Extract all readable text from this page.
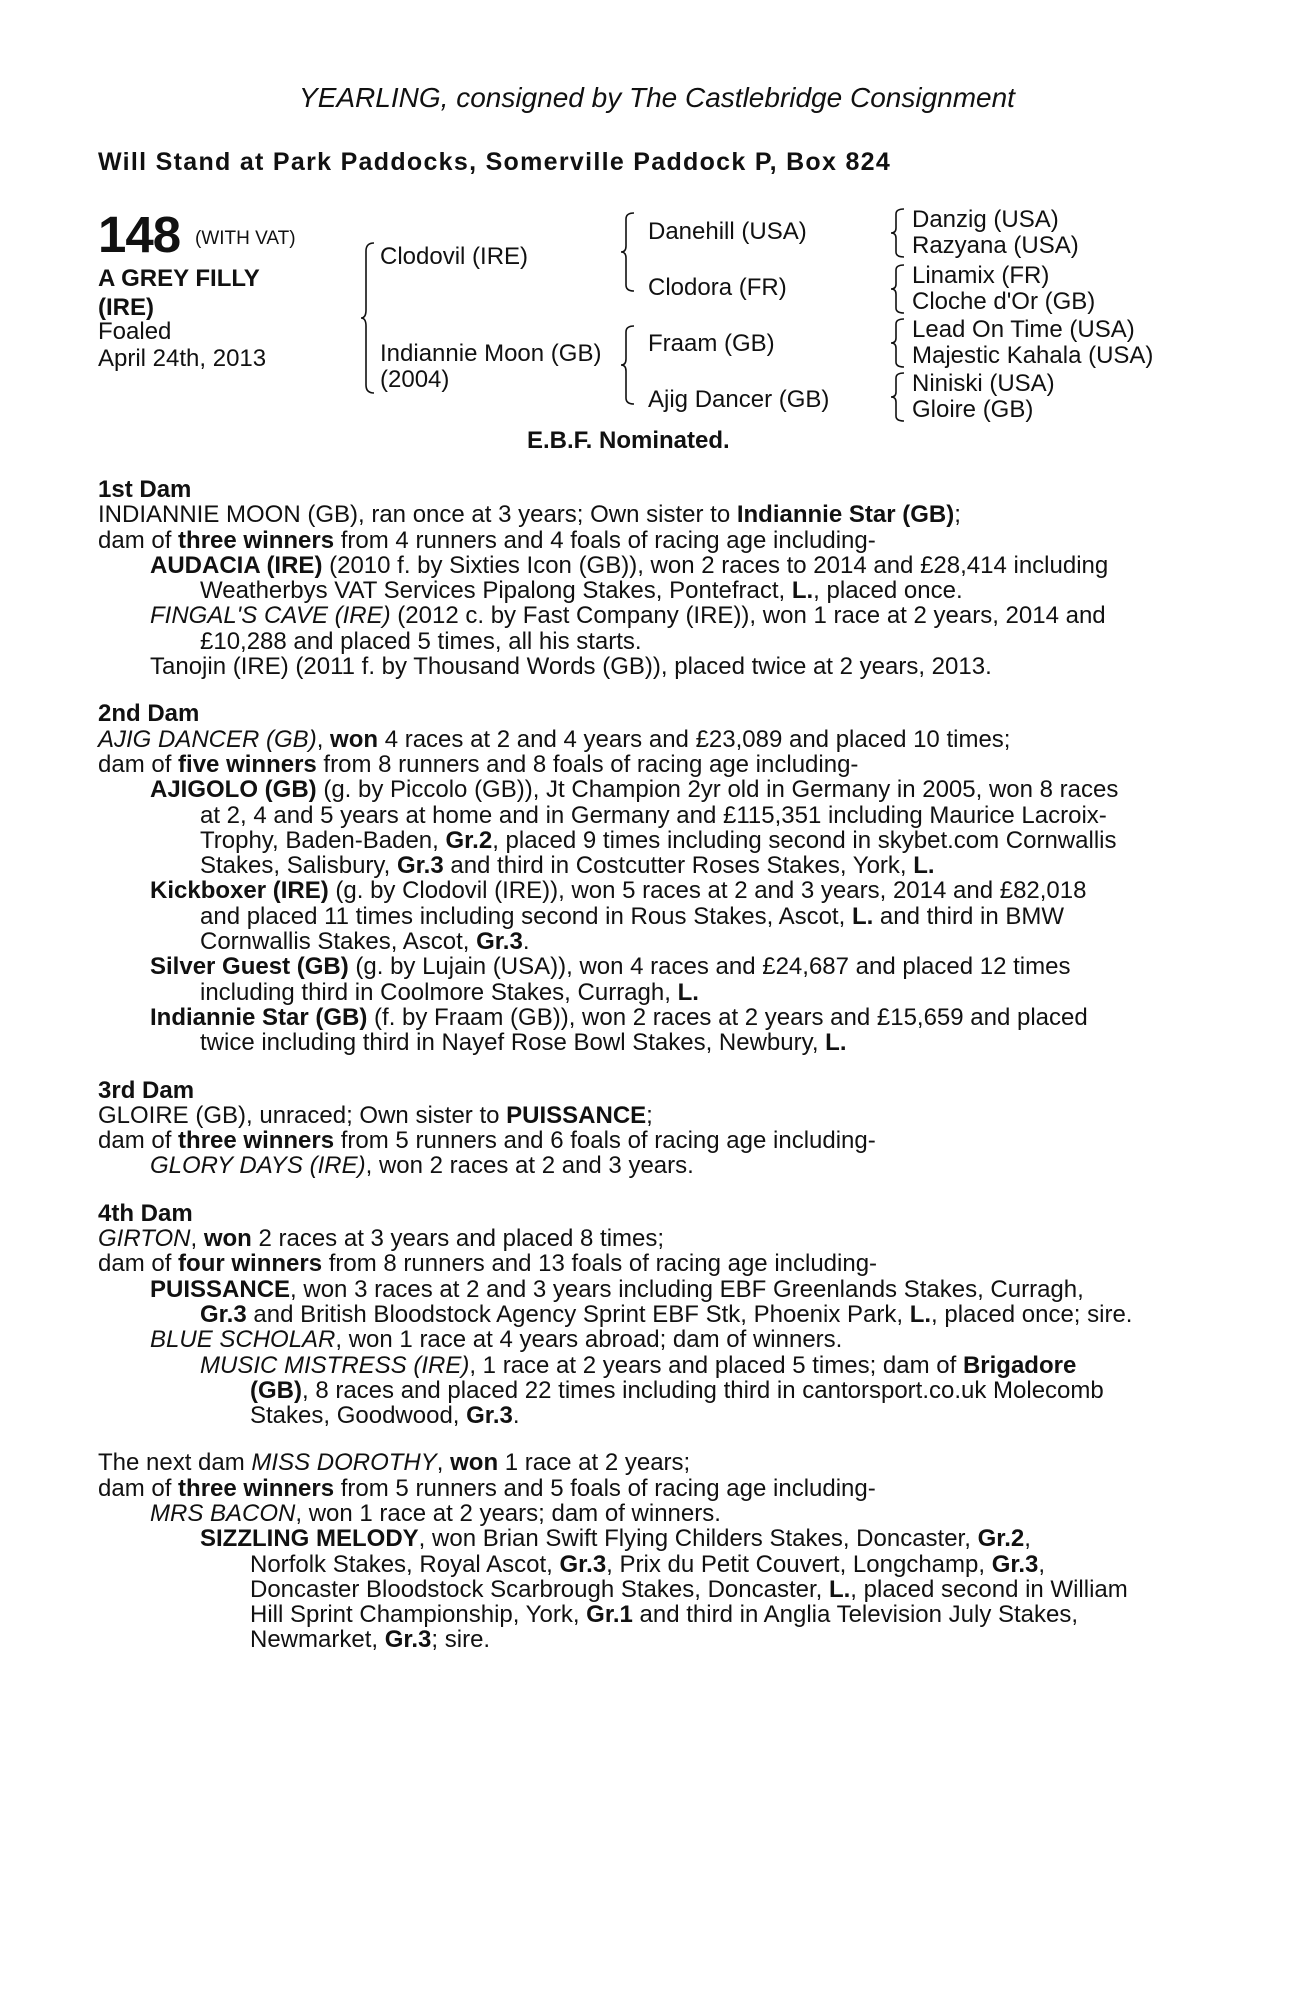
YEARLING, consigned by The Castlebridge Consignment
Will Stand at Park Paddocks, Somerville Paddock P, Box 824
148 (WITH VAT)
A GREY FILLY
(IRE)
Foaled
April 24th, 2013
Clodovil (IRE)
Indiannie Moon (GB)
(2004)
Danehill (USA)
Clodora (FR)
Fraam (GB)
Ajig Dancer (GB)
Danzig (USA)
Razyana (USA)
Linamix (FR)
Cloche d'Or (GB)
Lead On Time (USA)
Majestic Kahala (USA)
Niniski (USA)
Gloire (GB)
E.B.F. Nominated.

1st Dam

INDIANNIE MOON (GB), ran once at 3 years; Own sister to Indiannie Star (GB);

dam of three winners from 4 runners and 4 foals of racing age including-

AUDACIA (IRE) (2010 f. by Sixties Icon (GB)), won 2 races to 2014 and £28,414 including

Weatherbys VAT Services Pipalong Stakes, Pontefract, L., placed once.

FINGAL'S CAVE (IRE) (2012 c. by Fast Company (IRE)), won 1 race at 2 years, 2014 and

£10,288 and placed 5 times, all his starts.

Tanojin (IRE) (2011 f. by Thousand Words (GB)), placed twice at 2 years, 2013.

2nd Dam

AJIG DANCER (GB), won 4 races at 2 and 4 years and £23,089 and placed 10 times;

dam of five winners from 8 runners and 8 foals of racing age including-

AJIGOLO (GB) (g. by Piccolo (GB)), Jt Champion 2yr old in Germany in 2005, won 8 races

at 2, 4 and 5 years at home and in Germany and £115,351 including Maurice Lacroix-

Trophy, Baden-Baden, Gr.2, placed 9 times including second in skybet.com Cornwallis

Stakes, Salisbury, Gr.3 and third in Costcutter Roses Stakes, York, L.

Kickboxer (IRE) (g. by Clodovil (IRE)), won 5 races at 2 and 3 years, 2014 and £82,018

and placed 11 times including second in Rous Stakes, Ascot, L. and third in BMW

Cornwallis Stakes, Ascot, Gr.3.

Silver Guest (GB) (g. by Lujain (USA)), won 4 races and £24,687 and placed 12 times

including third in Coolmore Stakes, Curragh, L.

Indiannie Star (GB) (f. by Fraam (GB)), won 2 races at 2 years and £15,659 and placed

twice including third in Nayef Rose Bowl Stakes, Newbury, L.

3rd Dam

GLOIRE (GB), unraced; Own sister to PUISSANCE;

dam of three winners from 5 runners and 6 foals of racing age including-

GLORY DAYS (IRE), won 2 races at 2 and 3 years.

4th Dam

GIRTON, won 2 races at 3 years and placed 8 times;

dam of four winners from 8 runners and 13 foals of racing age including-

PUISSANCE, won 3 races at 2 and 3 years including EBF Greenlands Stakes, Curragh,

Gr.3 and British Bloodstock Agency Sprint EBF Stk, Phoenix Park, L., placed once; sire.

BLUE SCHOLAR, won 1 race at 4 years abroad; dam of winners.

MUSIC MISTRESS (IRE), 1 race at 2 years and placed 5 times; dam of Brigadore

(GB), 8 races and placed 22 times including third in cantorsport.co.uk Molecomb

Stakes, Goodwood, Gr.3.

The next dam MISS DOROTHY, won 1 race at 2 years;

dam of three winners from 5 runners and 5 foals of racing age including-

MRS BACON, won 1 race at 2 years; dam of winners.

SIZZLING MELODY, won Brian Swift Flying Childers Stakes, Doncaster, Gr.2,

Norfolk Stakes, Royal Ascot, Gr.3, Prix du Petit Couvert, Longchamp, Gr.3,

Doncaster Bloodstock Scarbrough Stakes, Doncaster, L., placed second in William

Hill Sprint Championship, York, Gr.1 and third in Anglia Television July Stakes,

Newmarket, Gr.3; sire.
